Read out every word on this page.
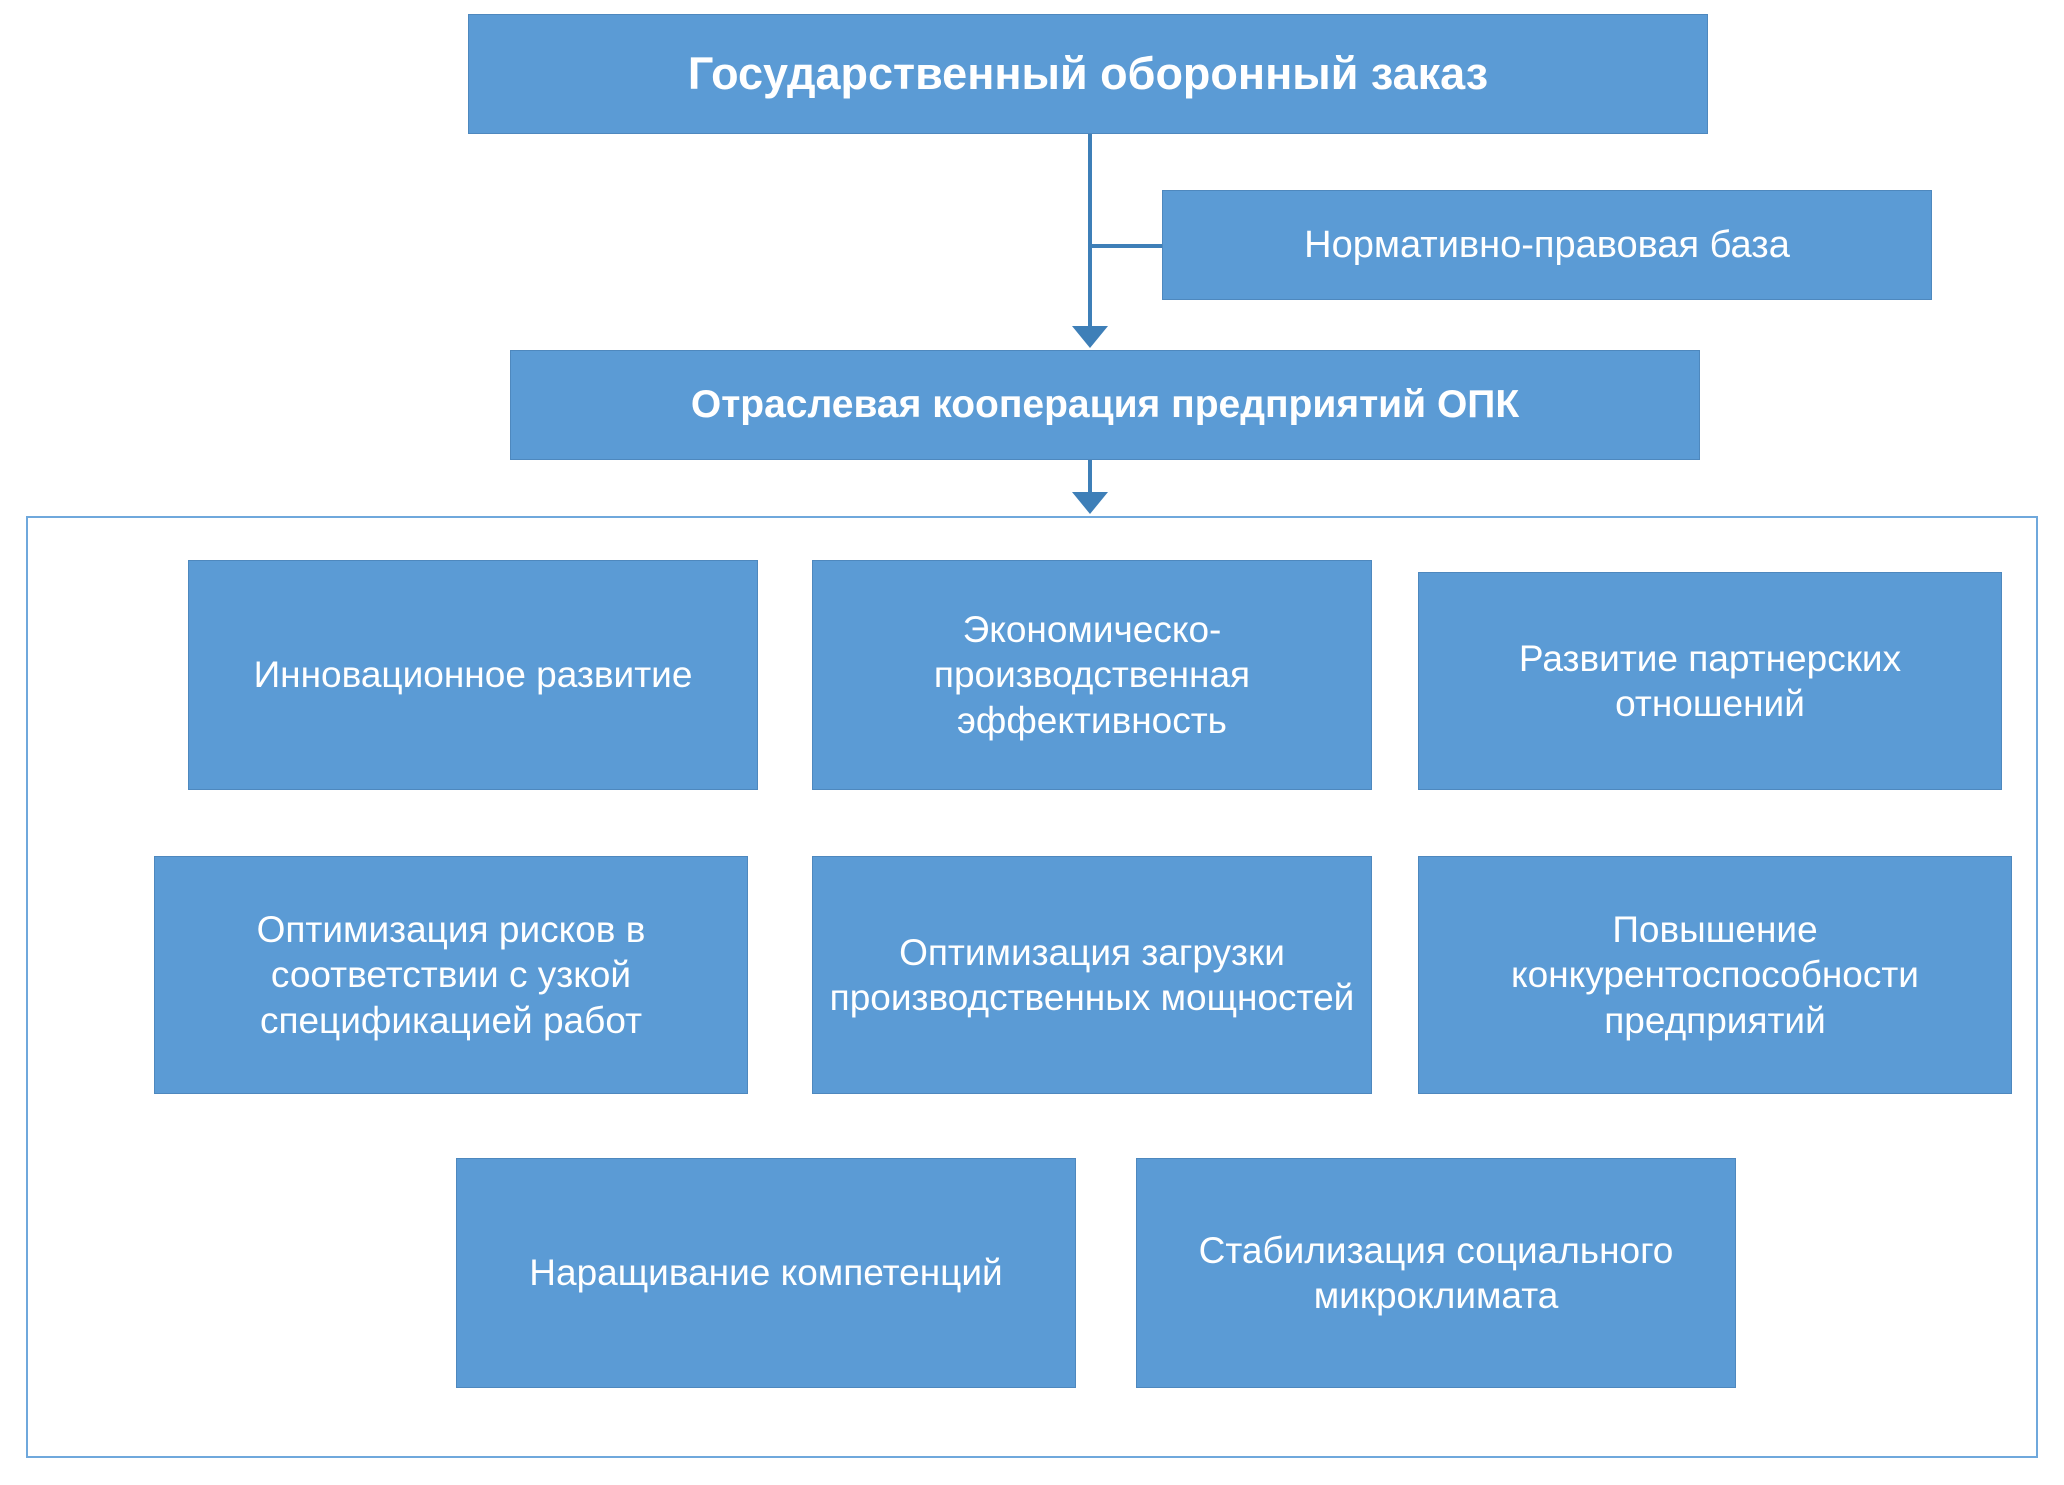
Государственный оборонный заказ
Нормативно-правовая база
Отраслевая кооперация предприятий ОПК
Инновационное развитие
Экономическо-производственная эффективность
Развитие партнерских отношений
Оптимизация рисков в соответствии с узкой спецификацией работ
Оптимизация загрузки производственных мощностей
Повышение конкурентоспособности предприятий
Наращивание компетенций
Стабилизация социального микроклимата
